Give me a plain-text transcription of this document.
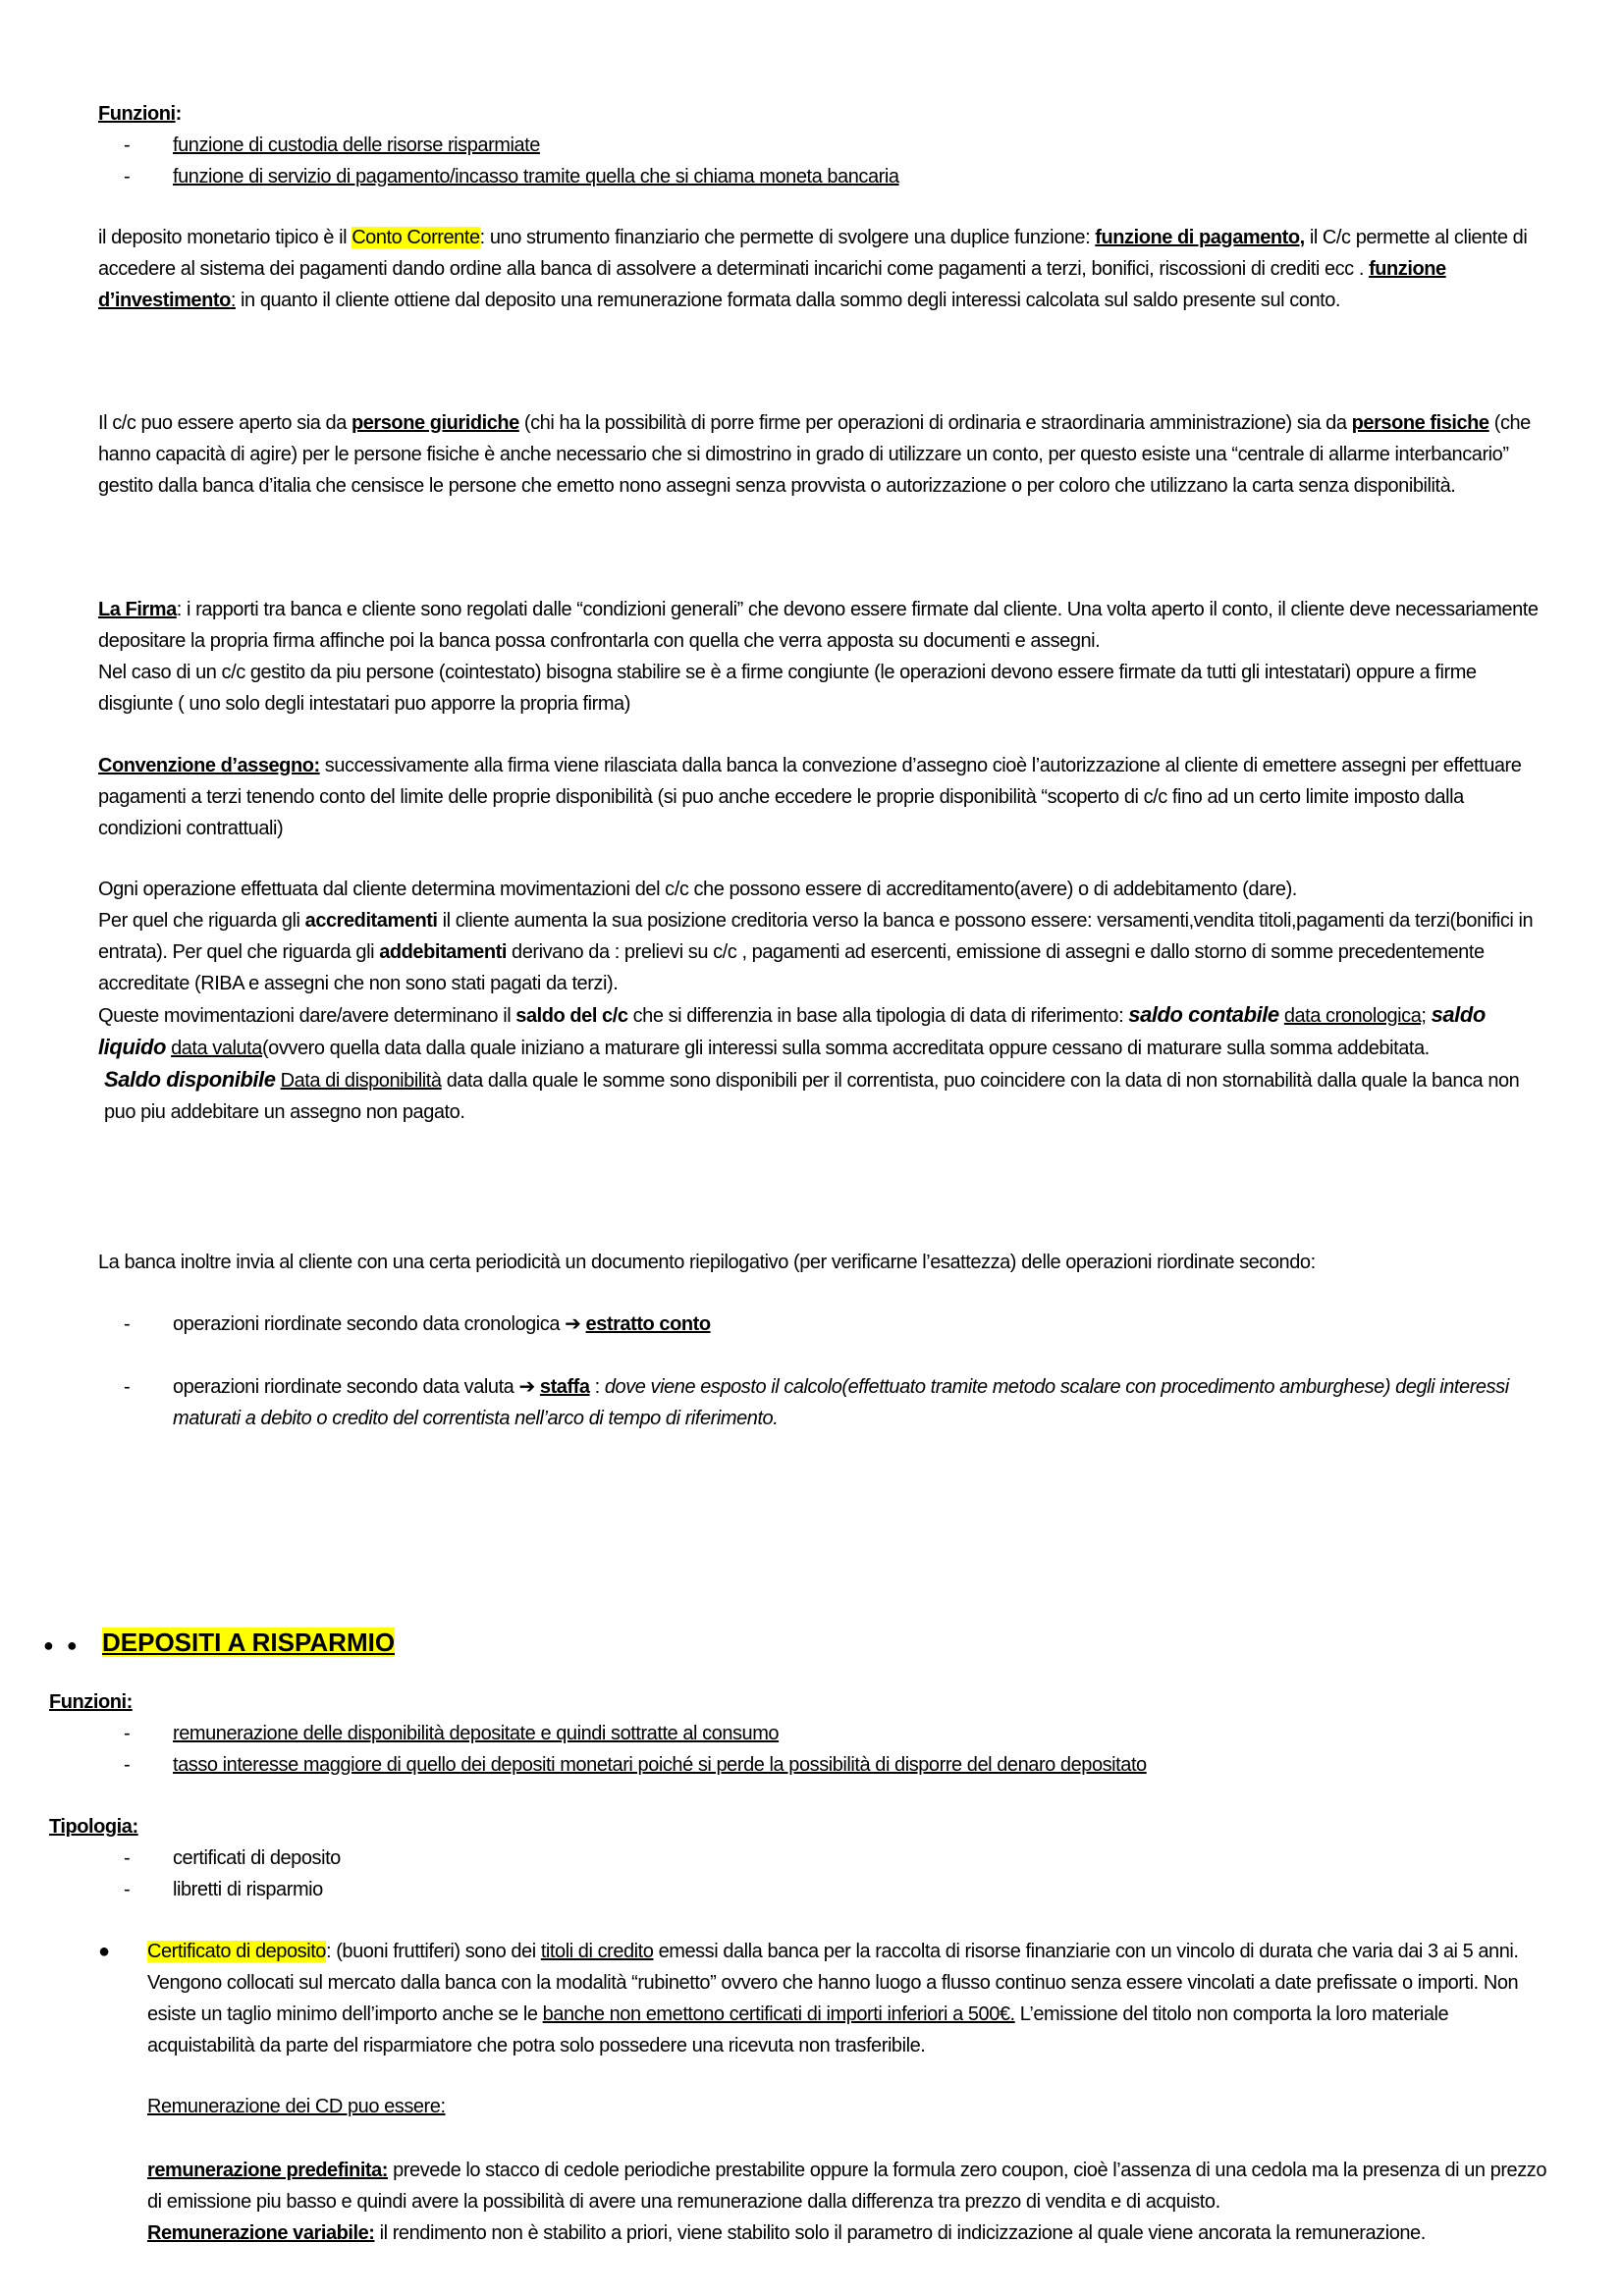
Funzioni:

- funzione di custodia delle risorse risparmiate

- funzione di servizio di pagamento/incasso tramite quella che si chiama moneta bancaria

il deposito monetario tipico è il Conto Corrente: uno strumento finanziario che permette di svolgere una duplice funzione: funzione di pagamento, il C/c permette al cliente di accedere al sistema dei pagamenti dando ordine alla banca di assolvere a determinati incarichi come pagamenti a terzi, bonifici, riscossioni di crediti ecc . funzione d’investimento: in quanto il cliente ottiene dal deposito una remunerazione formata dalla sommo degli interessi calcolata sul saldo presente sul conto.

Il c/c puo essere aperto sia da persone giuridiche (chi ha la possibilità di porre firme per operazioni di ordinaria e straordinaria amministrazione) sia da persone fisiche (che hanno capacità di agire) per le persone fisiche è anche necessario che si dimostrino in grado di utilizzare un conto, per questo esiste una “centrale di allarme interbancario” gestito dalla banca d’italia che censisce le persone che emetto nono assegni senza provvista o autorizzazione o per coloro che utilizzano la carta senza disponibilità.

La Firma: i rapporti tra banca e cliente sono regolati dalle “condizioni generali” che devono essere firmate dal cliente. Una volta aperto il conto, il cliente deve necessariamente depositare la propria firma affinche poi la banca possa confrontarla con quella che verra apposta su documenti e assegni.

Nel caso di un c/c gestito da piu persone (cointestato) bisogna stabilire se è a firme congiunte (le operazioni devono essere firmate da tutti gli intestatari) oppure a firme disgiunte ( uno solo degli intestatari puo apporre la propria firma)

Convenzione d’assegno: successivamente alla firma viene rilasciata dalla banca la convezione d’assegno cioè l’autorizzazione al cliente di emettere assegni per effettuare pagamenti a terzi tenendo conto del limite delle proprie disponibilità (si puo anche eccedere le proprie disponibilità “scoperto di c/c fino ad un certo limite imposto dalla condizioni contrattuali)

Ogni operazione effettuata dal cliente determina movimentazioni del c/c che possono essere di accreditamento(avere) o di addebitamento (dare).

Per quel che riguarda gli accreditamenti il cliente aumenta la sua posizione creditoria verso la banca e possono essere: versamenti,vendita titoli,pagamenti da terzi(bonifici in entrata). Per quel che riguarda gli addebitamenti derivano da : prelievi su c/c , pagamenti ad esercenti, emissione di assegni e dallo storno di somme precedentemente accreditate (RIBA e assegni che non sono stati pagati da terzi).

Queste movimentazioni dare/avere determinano il saldo del c/c che si differenzia in base alla tipologia di data di riferimento: saldo contabile data cronologica; saldo liquido data valuta(ovvero quella data dalla quale iniziano a maturare gli interessi sulla somma accreditata oppure cessano di maturare sulla somma addebitata.

Saldo disponibile Data di disponibilità data dalla quale le somme sono disponibili per il correntista, puo coincidere con la data di non stornabilità dalla quale la banca non puo piu addebitare un assegno non pagato.

La banca inoltre invia al cliente con una certa periodicità un documento riepilogativo (per verificarne l’esattezza) delle operazioni riordinate secondo:

- operazioni riordinate secondo data cronologica ➔ estratto conto

- operazioni riordinate secondo data valuta ➔ staffa : dove viene esposto il calcolo(effettuato tramite metodo scalare con procedimento amburghese) degli interessi maturati a debito o credito del correntista nell’arco di tempo di riferimento.

● ● DEPOSITI A RISPARMIO

Funzioni:

- remunerazione delle disponibilità depositate e quindi sottratte al consumo

- tasso interesse maggiore di quello dei depositi monetari poiché si perde la possibilità di disporre del denaro depositato

Tipologia:

- certificati di deposito

- libretti di risparmio

● Certificato di deposito: (buoni fruttiferi) sono dei titoli di credito emessi dalla banca per la raccolta di risorse finanziarie con un vincolo di durata che varia dai 3 ai 5 anni. Vengono collocati sul mercato dalla banca con la modalità “rubinetto” ovvero che hanno luogo a flusso continuo senza essere vincolati a date prefissate o importi. Non esiste un taglio minimo dell’importo anche se le banche non emettono certificati di importi inferiori a 500€. L’emissione del titolo non comporta la loro materiale acquistabilità da parte del risparmiatore che potra solo possedere una ricevuta non trasferibile.

Remunerazione dei CD puo essere:

remunerazione predefinita: prevede lo stacco di cedole periodiche prestabilite oppure la formula zero coupon, cioè l’assenza di una cedola ma la presenza di un prezzo di emissione piu basso e quindi avere la possibilità di avere una remunerazione dalla differenza tra prezzo di vendita e di acquisto.

Remunerazione variabile: il rendimento non è stabilito a priori, viene stabilito solo il parametro di indicizzazione al quale viene ancorata la remunerazione.
